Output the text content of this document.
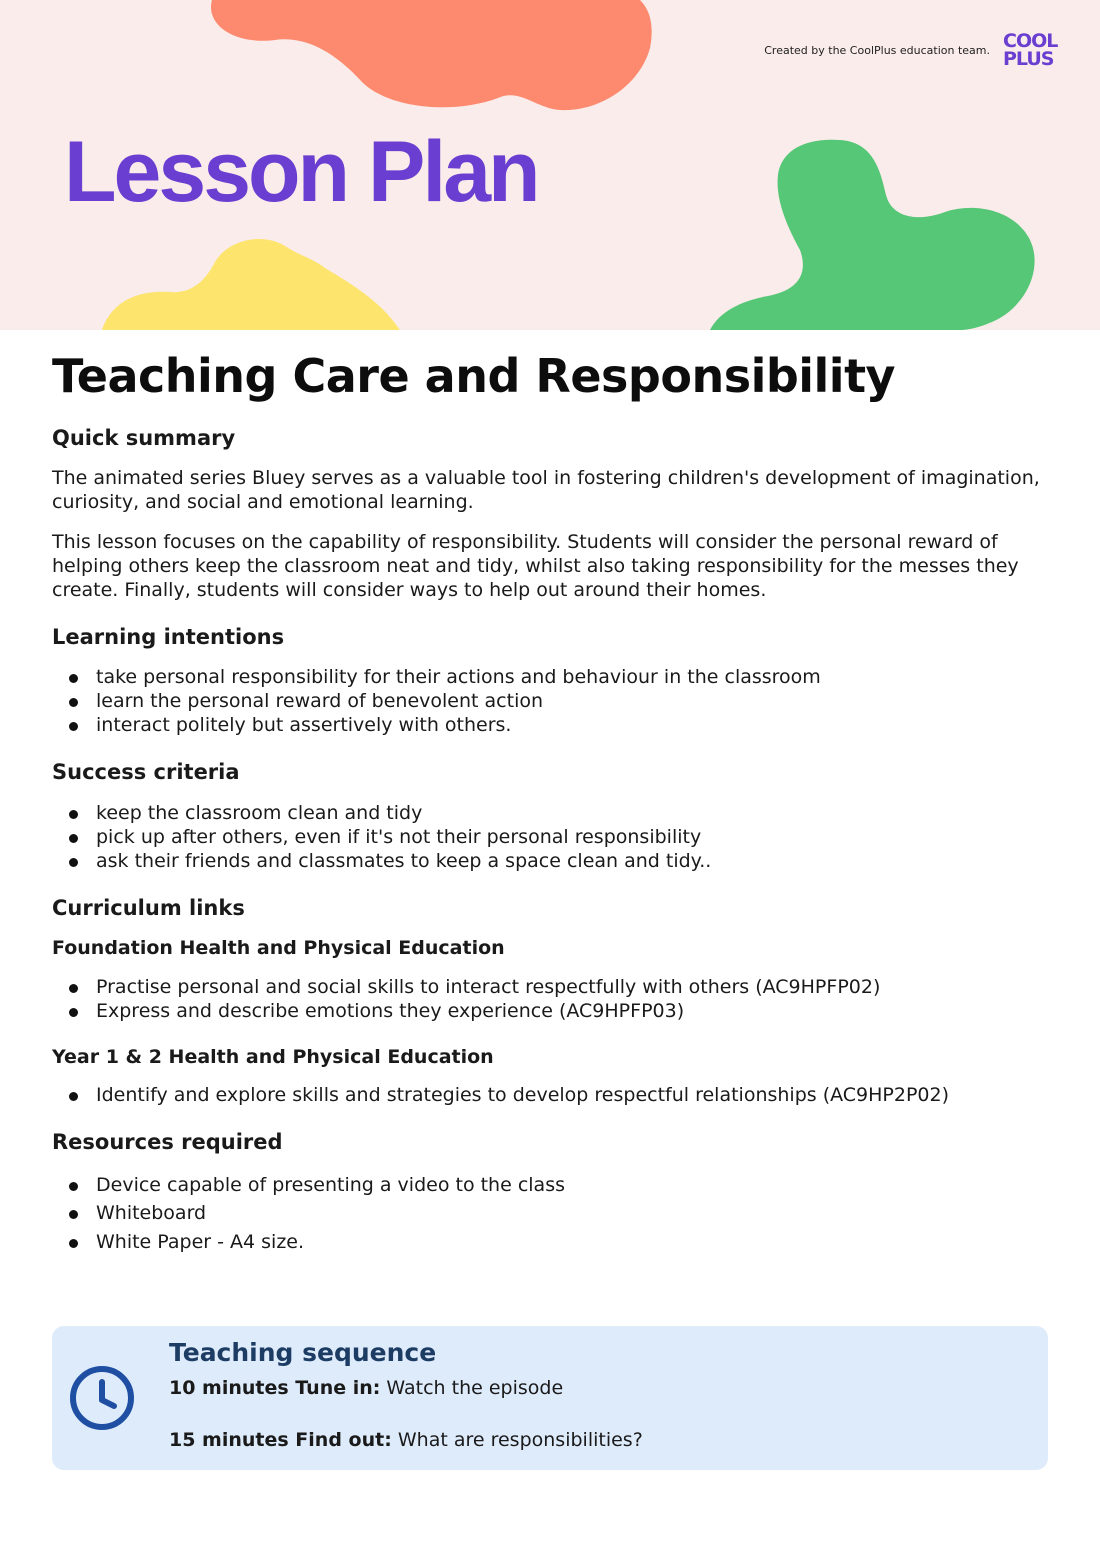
Created by the CoolPlus education team. COOL
PLUS
Lesson Plan
Teaching Care and Responsibility
Quick summary

The animated series Bluey serves as a valuable tool in fostering children's development of imagination, curiosity, and social and emotional learning.

This lesson focuses on the capability of responsibility. Students will consider the personal reward of helping others keep the classroom neat and tidy, whilst also taking responsibility for the messes they create. Finally, students will consider ways to help out around their homes.

Learning intentions
take personal responsibility for their actions and behaviour in the classroom
learn the personal reward of benevolent action
interact politely but assertively with others.
Success criteria
keep the classroom clean and tidy
pick up after others, even if it's not their personal responsibility
ask their friends and classmates to keep a space clean and tidy..
Curriculum links
Foundation Health and Physical Education
Practise personal and social skills to interact respectfully with others (AC9HPFP02)
Express and describe emotions they experience (AC9HPFP03)
Year 1 & 2 Health and Physical Education
Identify and explore skills and strategies to develop respectful relationships (AC9HP2P02)
Resources required
Device capable of presenting a video to the class
Whiteboard
White Paper - A4 size.
Teaching sequence
10 minutes Tune in: Watch the episode
15 minutes Find out: What are responsibilities?
